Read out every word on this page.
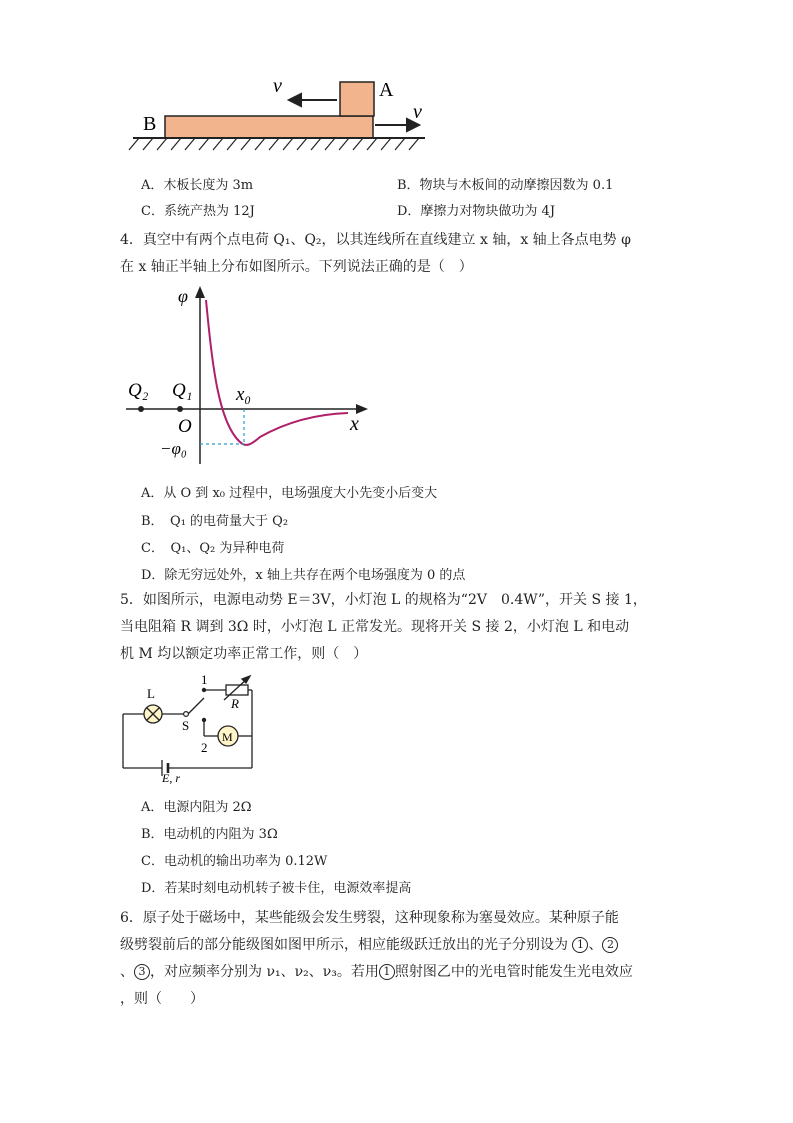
v	A
B
v
A．木板长度为 3m	B．物块与木板间的动摩擦因数为 0.1
C．系统产热为 12J	D．摩擦力对物块做功为 4J
4．真空中有两个点电荷 Q₁、Q₂，以其连线所在直线建立 x 轴，x 轴上各点电势 φ
在 x 轴正半轴上分布如图所示。下列说法正确的是（　）
φ
x
O
Q₂ Q₁ x₀
−φ₀
A．从 O 到 x₀ 过程中，电场强度大小先变小后变大
B．　Q₁ 的电荷量大于 Q₂
C．　Q₁、Q₂ 为异种电荷
D．除无穷远处外，x 轴上共存在两个电场强度为 0 的点
5．如图所示，电源电动势 E＝3V，小灯泡 L 的规格为“2V　0.4W”，开关 S 接 1，
当电阻箱 R 调到 3Ω 时，小灯泡 L 正常发光。现将开关 S 接 2，小灯泡 L 和电动
机 M 均以额定功率正常工作，则（　）
L
S
1
2
R
M
E, r
A．电源内阻为 2Ω
B．电动机的内阻为 3Ω
C．电动机的输出功率为 0.12W
D．若某时刻电动机转子被卡住，电源效率提高
6．原子处于磁场中，某些能级会发生劈裂，这种现象称为塞曼效应。某种原子能
级劈裂前后的部分能级图如图甲所示，相应能级跃迁放出的光子分别设为 1 、 2
、 3 ，对应频率分别为 ν₁、ν₂、ν₃。若用 1 照射图乙中的光电管时能发生光电效应
，则（　　）
